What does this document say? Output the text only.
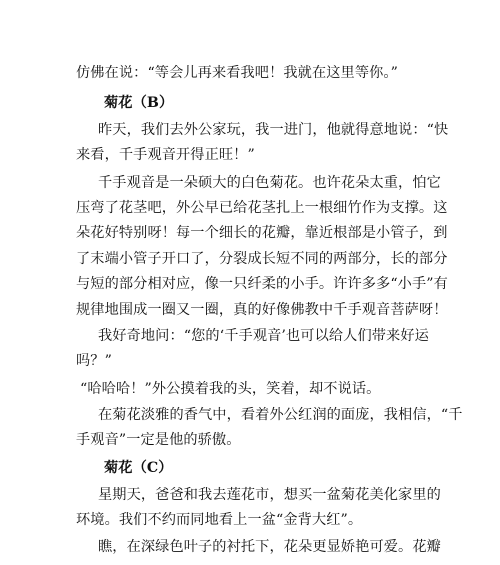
仿佛在说：“等会儿再来看我吧！我就在这里等你。”
菊花（B）
昨天，我们去外公家玩，我一进门，他就得意地说：“快
来看，千手观音开得正旺！”
千手观音是一朵硕大的白色菊花。也许花朵太重，怕它
压弯了花茎吧，外公早已给花茎扎上一根细竹作为支撑。这
朵花好特别呀！每一个细长的花瓣，靠近根部是小管子，到
了末端小管子开口了，分裂成长短不同的两部分，长的部分
与短的部分相对应，像一只纤柔的小手。许许多多“小手”有
规律地围成一圈又一圈，真的好像佛教中千手观音菩萨呀！
我好奇地问：“您的‘千手观音’也可以给人们带来好运
吗？”
“哈哈哈！”外公摸着我的头，笑着，却不说话。
在菊花淡雅的香气中，看着外公红润的面庞，我相信，“千
手观音”一定是他的骄傲。
菊花（C）
星期天，爸爸和我去莲花市，想买一盆菊花美化家里的
环境。我们不约而同地看上一盆“金背大红”。
瞧，在深绿色叶子的衬托下，花朵更显娇艳可爱。花瓣
